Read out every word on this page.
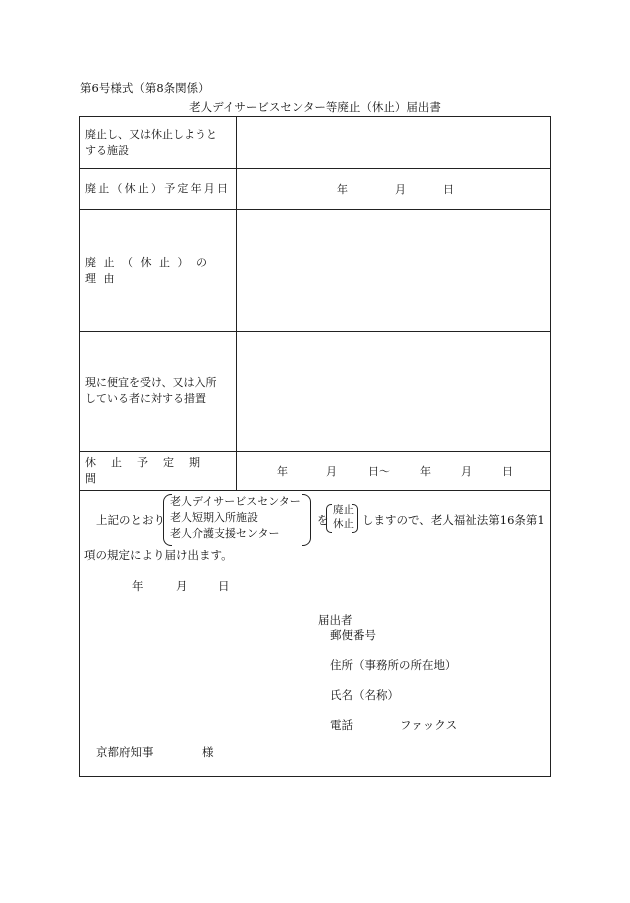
第6号様式（第8条関係）
老人デイサービスセンター等廃止（休止）届出書
廃止し、又は休止しようと
する施設
廃止（休止）予定年月日	年	月	日
廃止（休止）の理由
現に便宜を受け、又は入所
している者に対する措置
休止予定期間
年	月	日〜	年	月	日
上記のとおり
老人デイサービスセンター
老人短期入所施設
老人介護支援センター
を
廃止
休止 しますので、老人福祉法第16条第1
項の規定により届け出ます。
年	月	日
届出者
郵便番号
住所（事務所の所在地）
氏名（名称）
電話	ファックス
京都府知事	様
